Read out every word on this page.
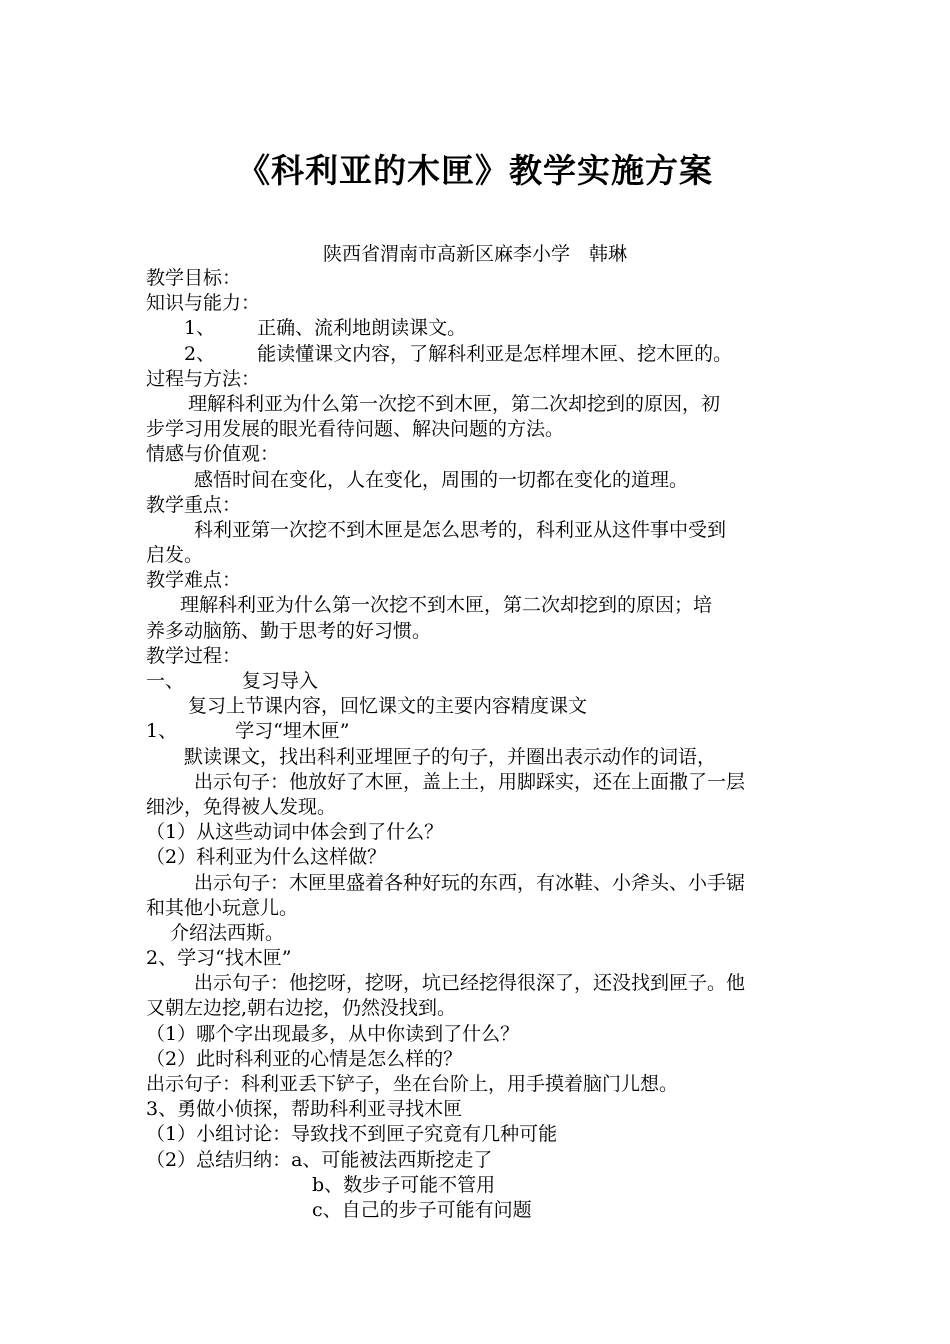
《科利亚的木匣》教学实施方案
陕西省渭南市高新区麻李小学　韩琳
教学目标：
知识与能力：
1、 正确、流利地朗读课文。
2、 能读懂课文内容，了解科利亚是怎样埋木匣、挖木匣的。
过程与方法：
理解科利亚为什么第一次挖不到木匣，第二次却挖到的原因，初
步学习用发展的眼光看待问题、解决问题的方法。
情感与价值观：
感悟时间在变化，人在变化，周围的一切都在变化的道理。
教学重点：
科利亚第一次挖不到木匣是怎么思考的，科利亚从这件事中受到
启发。
教学难点：
理解科利亚为什么第一次挖不到木匣，第二次却挖到的原因；培
养多动脑筋、勤于思考的好习惯。
教学过程：
一、	复习导入
复习上节课内容，回忆课文的主要内容精度课文
1、	学习“埋木匣”
默读课文，找出科利亚埋匣子的句子，并圈出表示动作的词语，
出示句子：他放好了木匣，盖上土，用脚踩实，还在上面撒了一层
细沙，免得被人发现。
（1）从这些动词中体会到了什么？
（2）科利亚为什么这样做？
出示句子：木匣里盛着各种好玩的东西，有冰鞋、小斧头、小手锯
和其他小玩意儿。
介绍法西斯。
2、学习“找木匣”
出示句子：他挖呀，挖呀，坑已经挖得很深了，还没找到匣子。他
又朝左边挖,朝右边挖，仍然没找到。
（1）哪个字出现最多，从中你读到了什么？
（2）此时科利亚的心情是怎么样的？
出示句子：科利亚丢下铲子，坐在台阶上，用手摸着脑门儿想。
3、勇做小侦探，帮助科利亚寻找木匣
（1）小组讨论：导致找不到匣子究竟有几种可能
（2）总结归纳：a、可能被法西斯挖走了
b、数步子可能不管用
c、自己的步子可能有问题
